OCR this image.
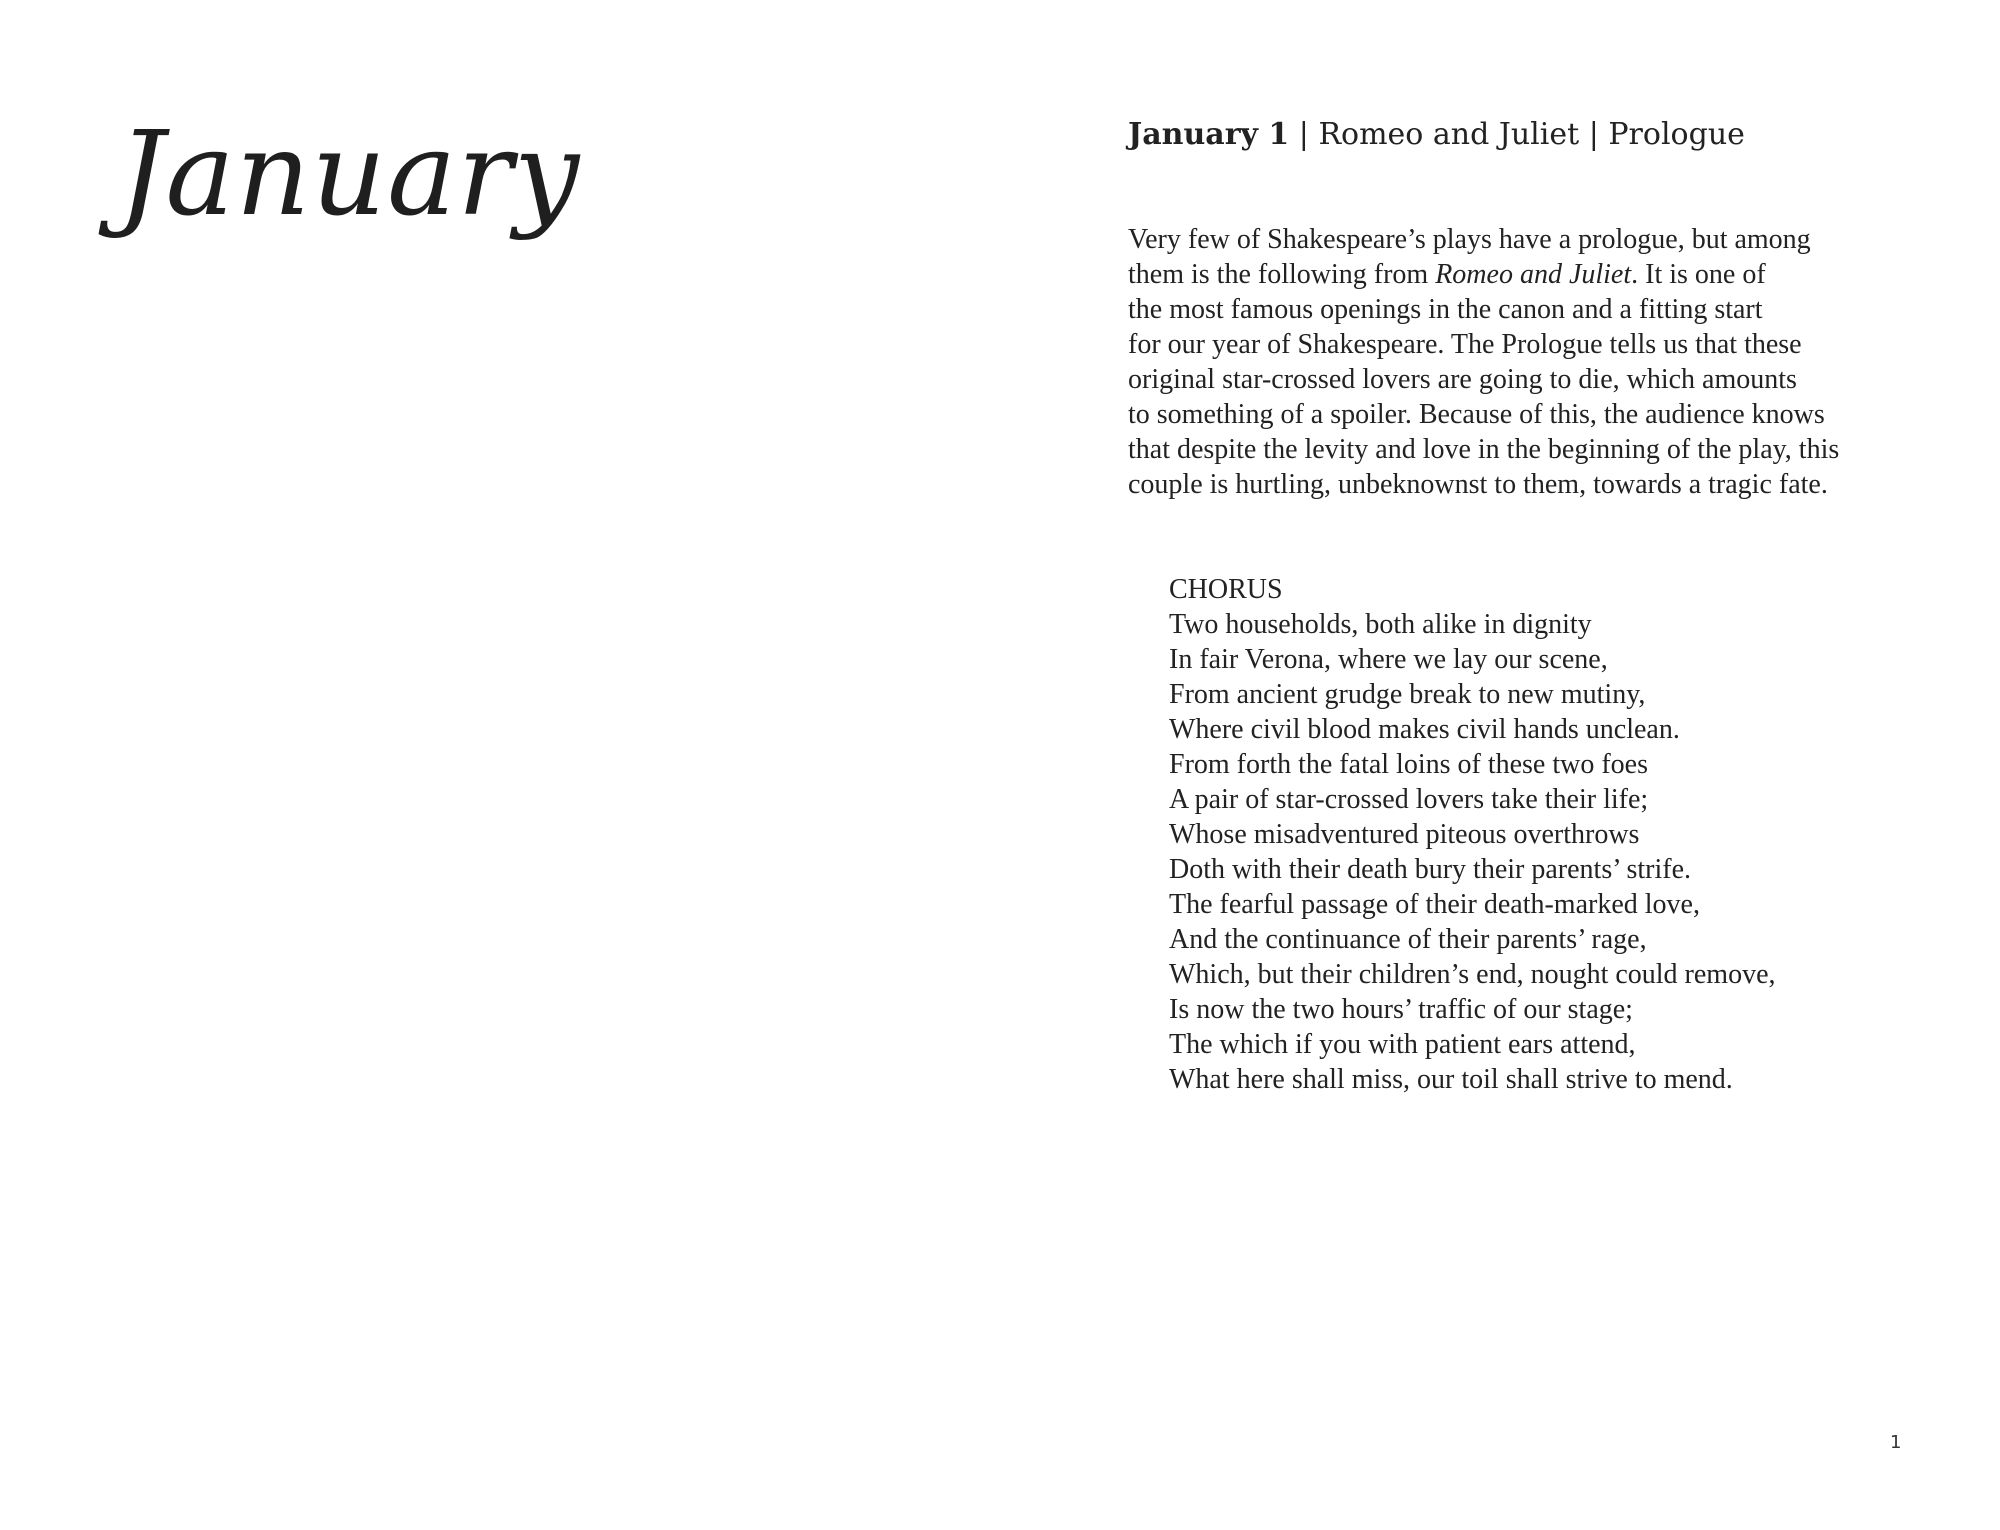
January	January 1 | Romeo and Juliet | Prologue
Very few of Shakespeare’s plays have a prologue, but among
them is the following from Romeo and Juliet. It is one of
the most famous openings in the canon and a fitting start
for our year of Shakespeare. The Prologue tells us that these
original star-crossed lovers are going to die, which amounts
to something of a spoiler. Because of this, the audience knows
that despite the levity and love in the beginning of the play, this
couple is hurtling, unbeknownst to them, towards a tragic fate.
CHORUS
Two households, both alike in dignity
In fair Verona, where we lay our scene,
From ancient grudge break to new mutiny,
Where civil blood makes civil hands unclean.
From forth the fatal loins of these two foes
A pair of star-crossed lovers take their life;
Whose misadventured piteous overthrows
Doth with their death bury their parents’ strife.
The fearful passage of their death-marked love,
And the continuance of their parents’ rage,
Which, but their children’s end, nought could remove,
Is now the two hours’ traffic of our stage;
The which if you with patient ears attend,
What here shall miss, our toil shall strive to mend.
1
